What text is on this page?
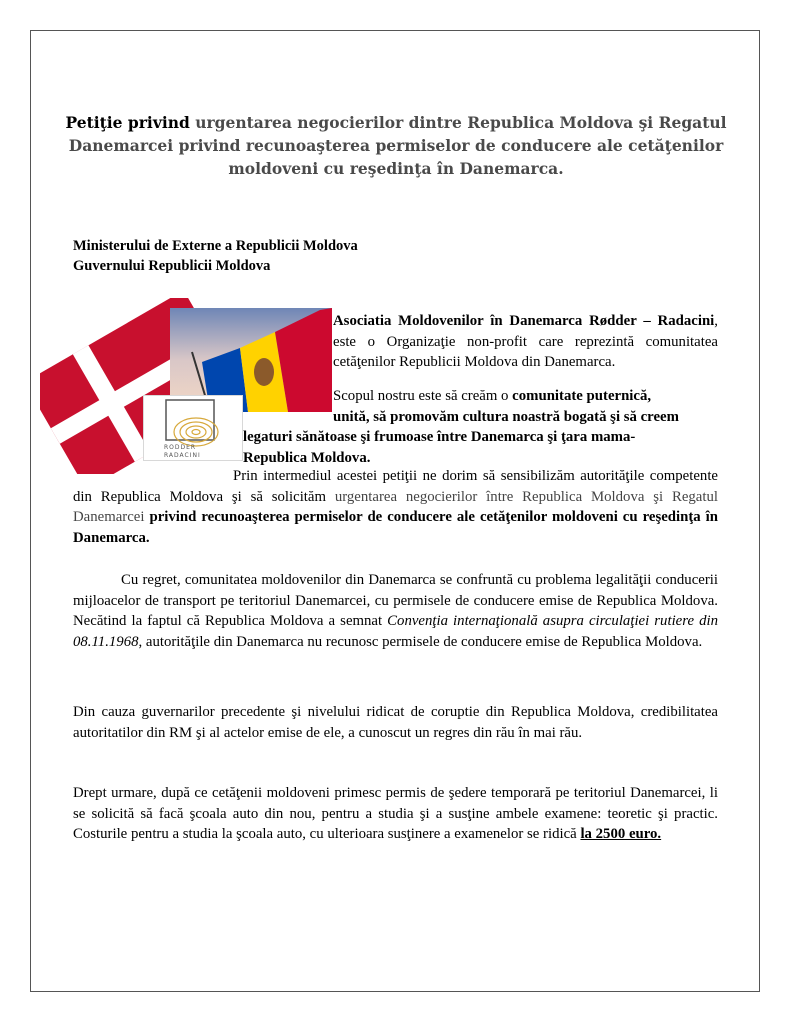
Petiţie privind urgentarea negocierilor dintre Republica Moldova şi Regatul Danemarcei privind recunoaşterea permiselor de conducere ale cetăţenilor moldoveni cu reşedinţa în Danemarca.
Ministerului de Externe a Republicii Moldova
Guvernului Republicii Moldova
RODDER
RADACINI
Asociatia Moldovenilor în Danemarca Rødder – Radacini, este o Organizaţie non-profit care reprezintă comunitatea cetăţenilor Republicii Moldova din Danemarca.
Scopul nostru este să creăm o comunitate puternică,
unită, să promovăm cultura noastră bogată şi să creem
legaturi sănătoase şi frumoase între Danemarca şi ţara mama-
Republica Moldova.
Prin intermediul acestei petiţii ne dorim să sensibilizăm autorităţile competente din Republica Moldova şi să solicităm urgentarea negocierilor între Republica Moldova şi Regatul Danemarcei privind recunoaşterea permiselor de conducere ale cetăţenilor moldoveni cu reşedinţa în Danemarca.
Cu regret, comunitatea moldovenilor din Danemarca se confruntă cu problema legalităţii conducerii mijloacelor de transport pe teritoriul Danemarcei, cu permisele de conducere emise de Republica Moldova. Necătind la faptul că Republica Moldova a semnat Convenţia internaţională asupra circulaţiei rutiere din 08.11.1968, autorităţile din Danemarca nu recunosc permisele de conducere emise de Republica Moldova.
Din cauza guvernarilor precedente şi nivelului ridicat de coruptie din Republica Moldova, credibilitatea autoritatilor din RM şi al actelor emise de ele, a cunoscut un regres din rău în mai rău.
Drept urmare, după ce cetăţenii moldoveni primesc permis de şedere temporară pe teritoriul Danemarcei, li se solicită să facă şcoala auto din nou, pentru a studia şi a susţine ambele examene: teoretic şi practic. Costurile pentru a studia la şcoala auto, cu ulterioara susţinere a examenelor se ridică la 2500 euro.
